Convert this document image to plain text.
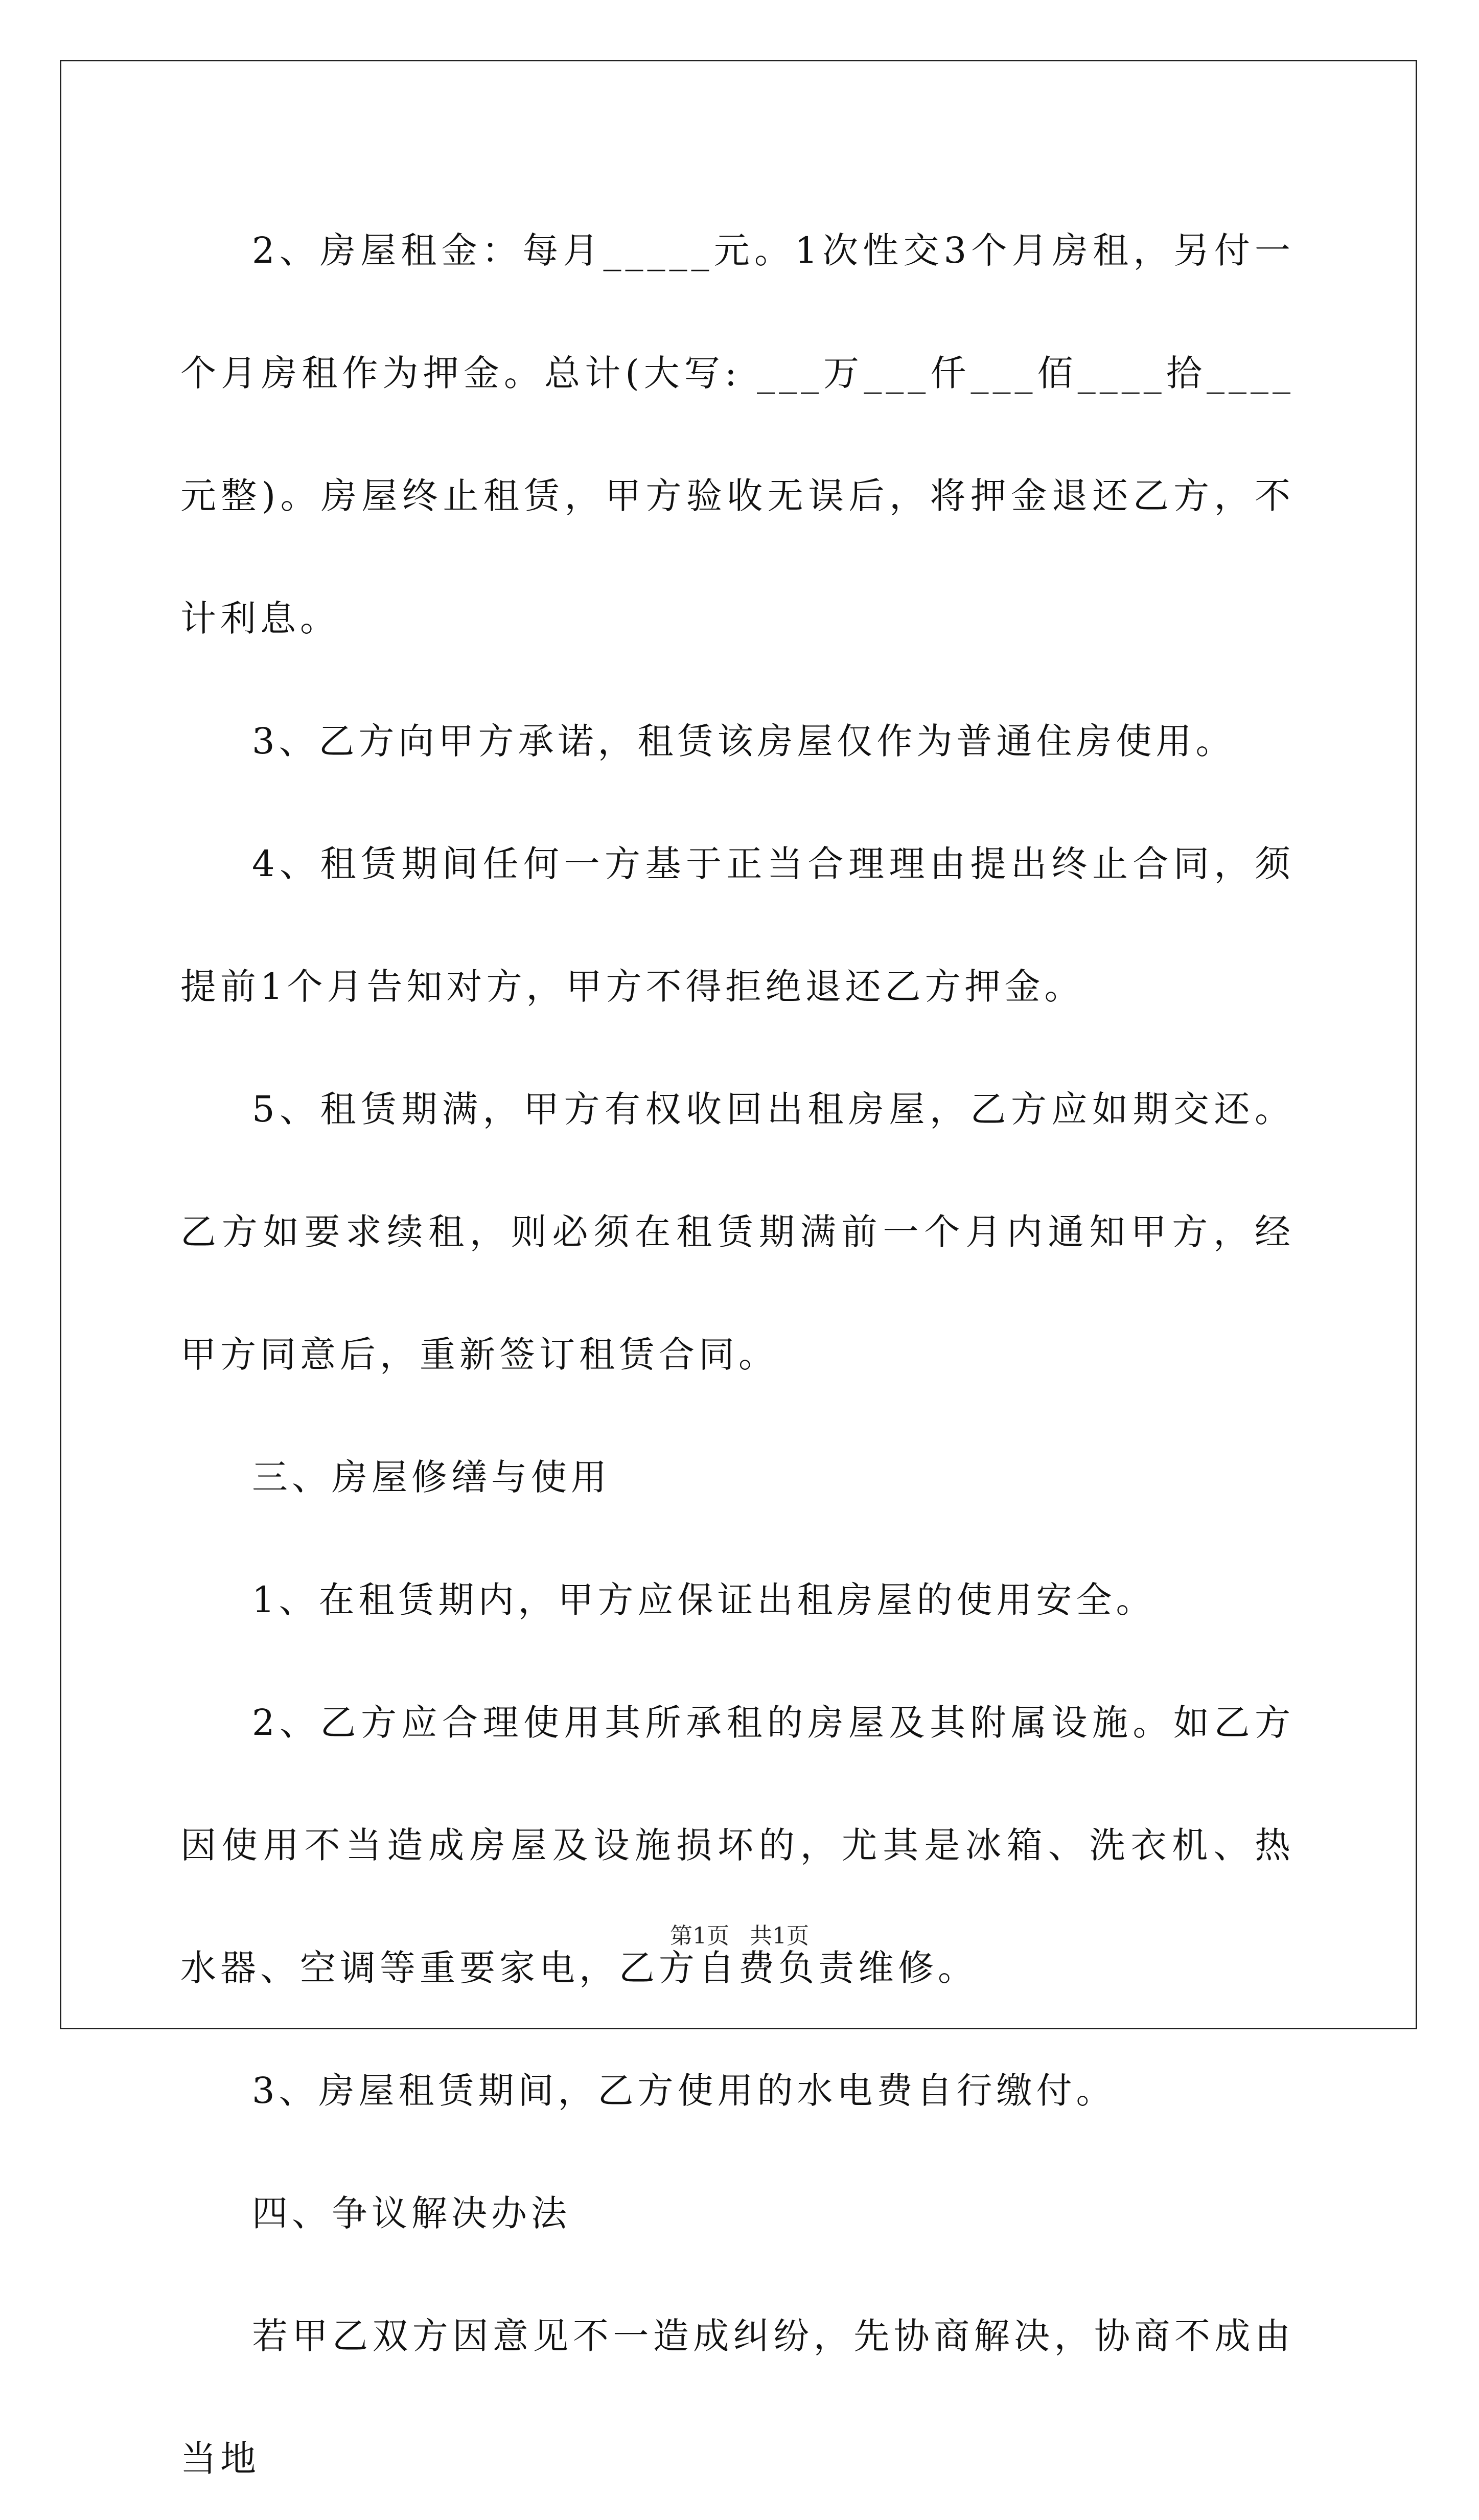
2、房屋租金：每月_____元。1次性交3个月房租，另付一个月房租作为押金。总计(大写: ___万___仟___佰____拾____元整)。房屋终止租赁，甲方验收无误后，将押金退还乙方，不计利息。

3、乙方向甲方承诺，租赁该房屋仅作为普通住房使用。

4、租赁期间任何一方基于正当合理理由提出终止合同，须提前1个月告知对方，甲方不得拒绝退还乙方押金。

5、租赁期满，甲方有权收回出租房屋，乙方应如期交还。乙方如要求续租，则必须在租赁期满前一个月内通知甲方，经甲方同意后，重新签订租赁合同。

三、房屋修缮与使用

1、在租赁期内，甲方应保证出租房屋的使用安全。

2、乙方应合理使用其所承租的房屋及其附属设施。如乙方因使用不当造成房屋及设施损坏的，尤其是冰箱、洗衣机、热水器、空调等重要家电，乙方自费负责维修。

3、房屋租赁期间，乙方使用的水电费自行缴付。

四、争议解决办法

若甲乙双方因意见不一造成纠纷，先协商解决，协商不成由当地

第1页 共1页
